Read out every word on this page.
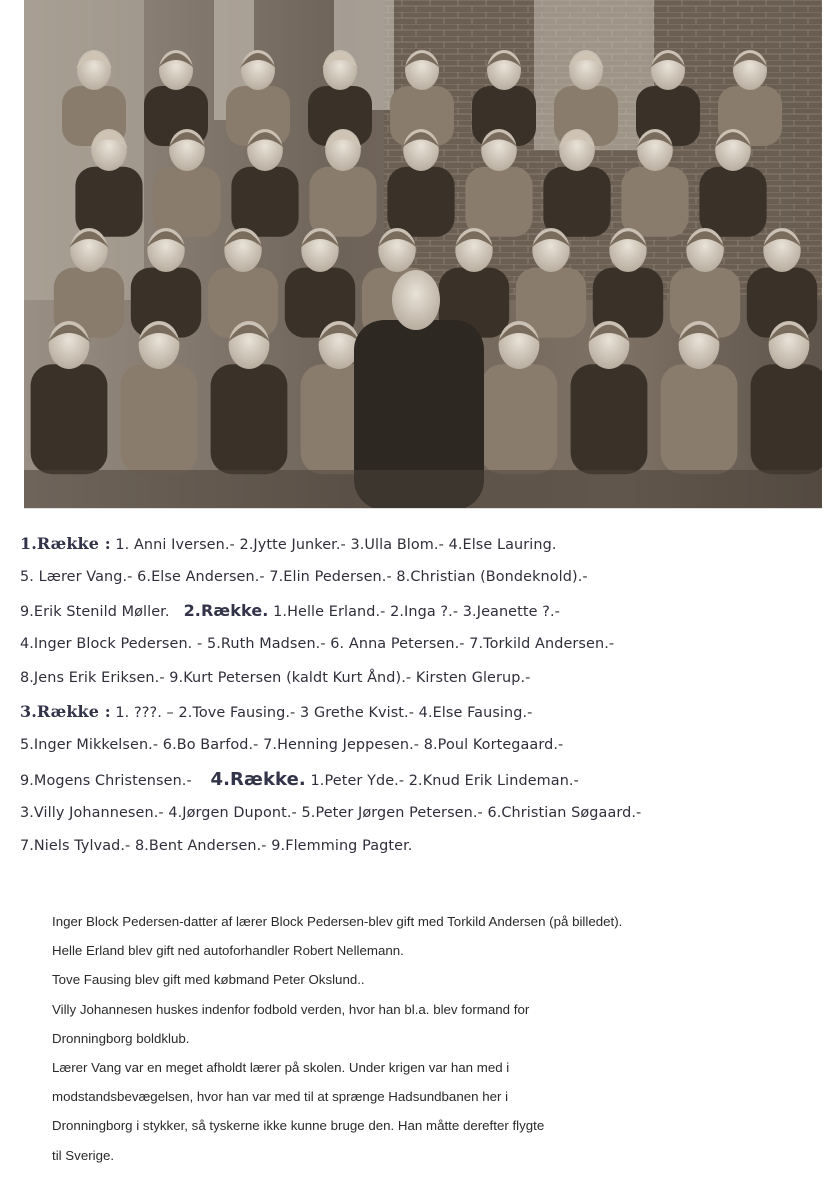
1.Række : 1. Anni Iversen.- 2.Jytte Junker.- 3.Ulla Blom.- 4.Else Lauring.
5. Lærer Vang.- 6.Else Andersen.- 7.Elin Pedersen.- 8.Christian (Bondeknold).-
9.Erik Stenild Møller. 2.Række. 1.Helle Erland.- 2.Inga ?.- 3.Jeanette ?.-
4.Inger Block Pedersen. - 5.Ruth Madsen.- 6. Anna Petersen.- 7.Torkild Andersen.-
8.Jens Erik Eriksen.- 9.Kurt Petersen (kaldt Kurt Ånd).- Kirsten Glerup.-
3.Række : 1. ???. – 2.Tove Fausing.- 3 Grethe Kvist.- 4.Else Fausing.-
5.Inger Mikkelsen.- 6.Bo Barfod.- 7.Henning Jeppesen.- 8.Poul Kortegaard.-
9.Mogens Christensen.- 4.Række. 1.Peter Yde.- 2.Knud Erik Lindeman.-
3.Villy Johannesen.- 4.Jørgen Dupont.- 5.Peter Jørgen Petersen.- 6.Christian Søgaard.-
7.Niels Tylvad.- 8.Bent Andersen.- 9.Flemming Pagter.
Inger Block Pedersen-datter af lærer Block Pedersen-blev gift med Torkild Andersen (på billedet).
Helle Erland blev gift ned autoforhandler Robert Nellemann.
Tove Fausing blev gift med købmand Peter Okslund..
Villy Johannesen huskes indenfor fodbold verden, hvor han bl.a. blev formand for
Dronningborg boldklub.
Lærer Vang var en meget afholdt lærer på skolen. Under krigen var han med i
modstandsbevægelsen, hvor han var med til at sprænge Hadsundbanen her i
Dronningborg i stykker, så tyskerne ikke kunne bruge den. Han måtte derefter flygte
til Sverige.
